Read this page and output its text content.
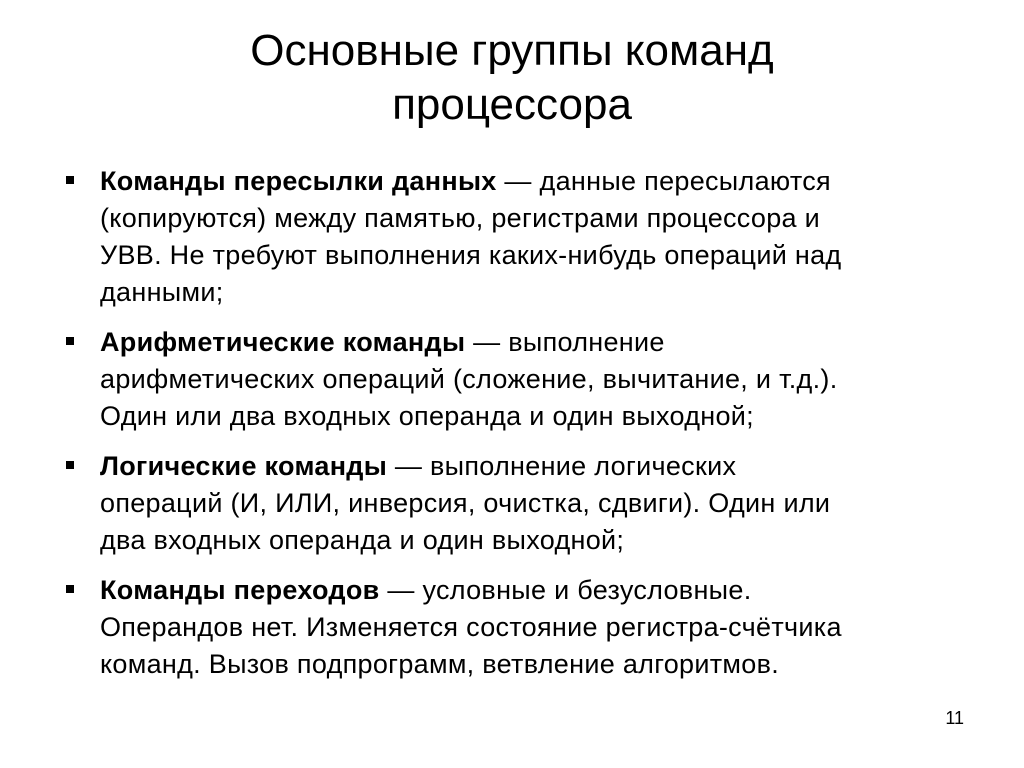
Основные группы команд
процессора
Команды пересылки данных — данные пересылаются
(копируются) между памятью, регистрами процессора и
УВВ. Не требуют выполнения каких-нибудь операций над
данными;
Арифметические команды — выполнение
арифметических операций (сложение, вычитание, и т.д.).
Один или два входных операнда и один выходной;
Логические команды — выполнение логических
операций (И, ИЛИ, инверсия, очистка, сдвиги). Один или
два входных операнда и один выходной;
Команды переходов — условные и безусловные.
Операндов нет. Изменяется состояние регистра-счётчика
команд. Вызов подпрограмм, ветвление алгоритмов.
11
